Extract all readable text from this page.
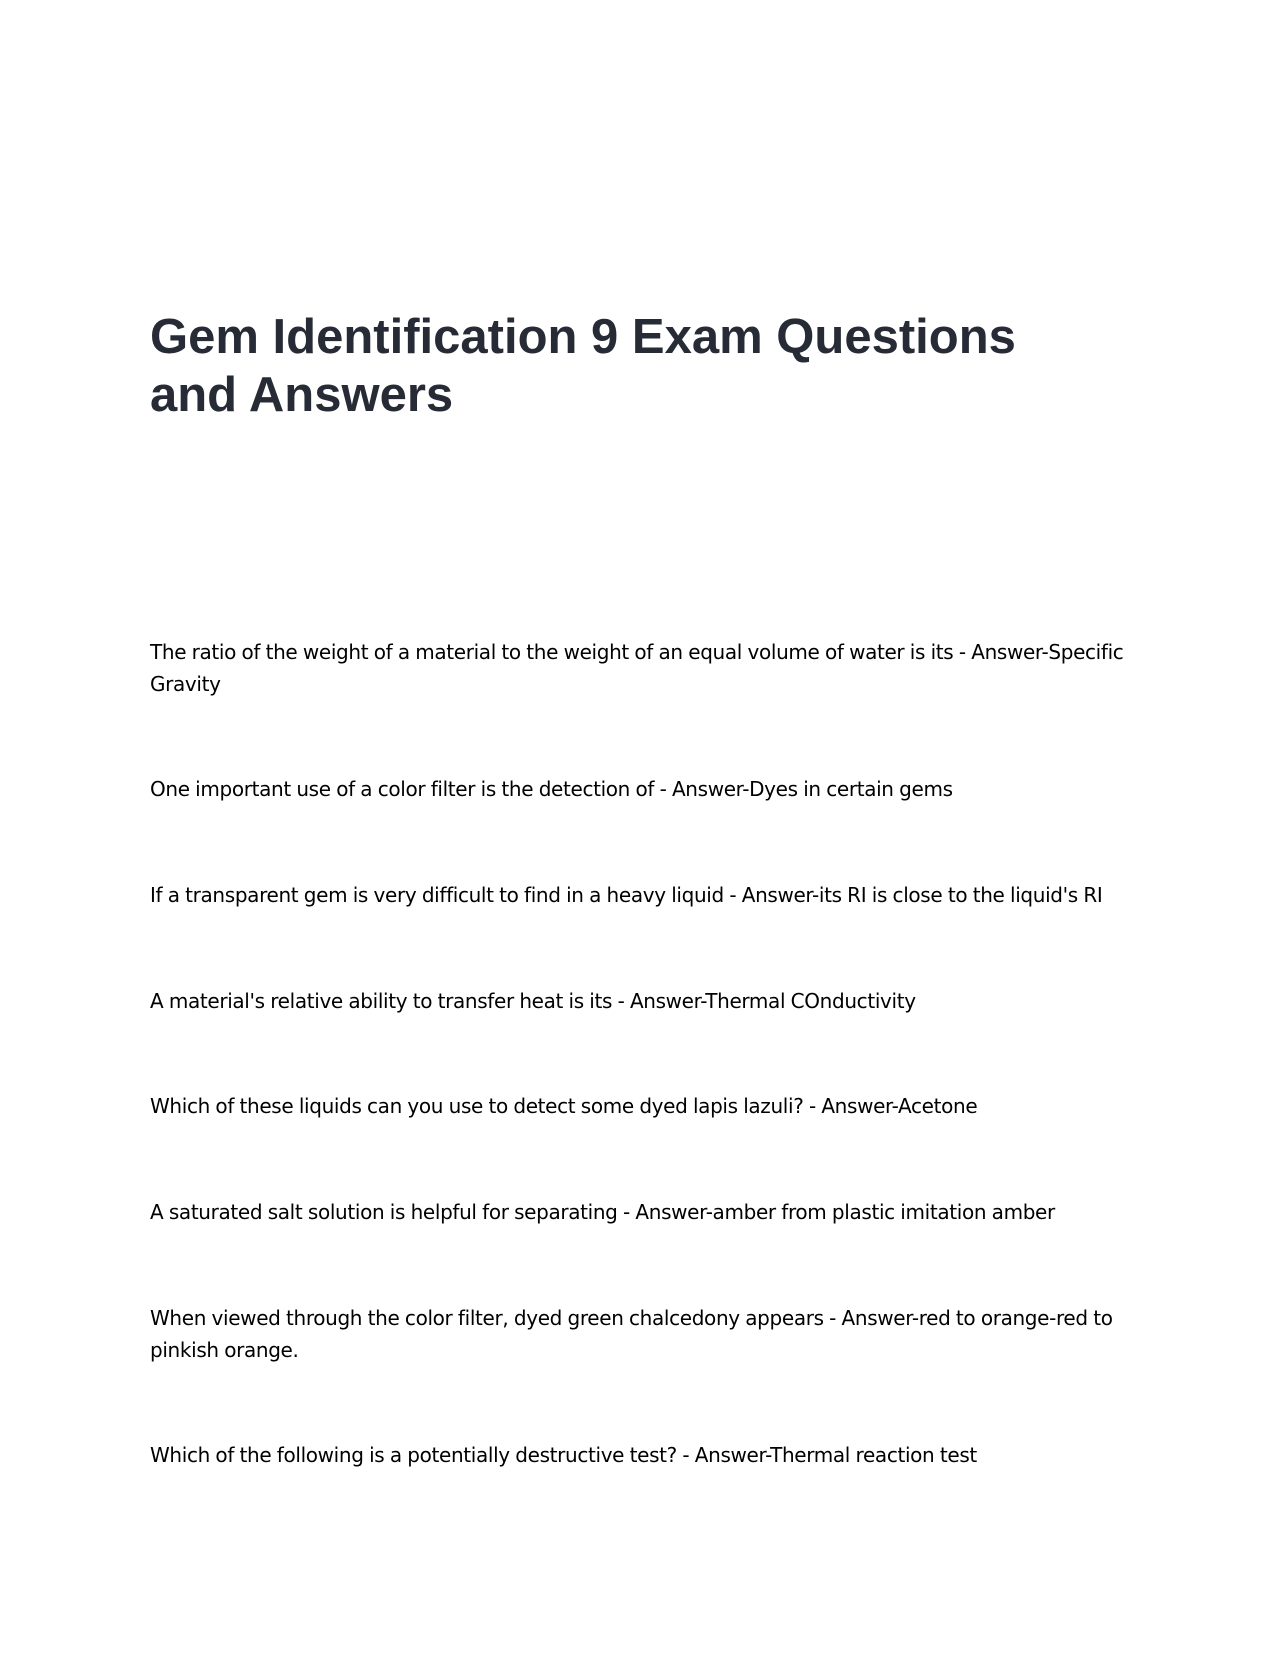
Gem Identification 9 Exam Questions and Answers
The ratio of the weight of a material to the weight of an equal volume of water is its - Answer-Specific Gravity
One important use of a color filter is the detection of - Answer-Dyes in certain gems
If a transparent gem is very difficult to find in a heavy liquid - Answer-its RI is close to the liquid's RI
A material's relative ability to transfer heat is its - Answer-Thermal COnductivity
Which of these liquids can you use to detect some dyed lapis lazuli? - Answer-Acetone
A saturated salt solution is helpful for separating - Answer-amber from plastic imitation amber
When viewed through the color filter, dyed green chalcedony appears - Answer-red to orange-red to pinkish orange.
Which of the following is a potentially destructive test? - Answer-Thermal reaction test
